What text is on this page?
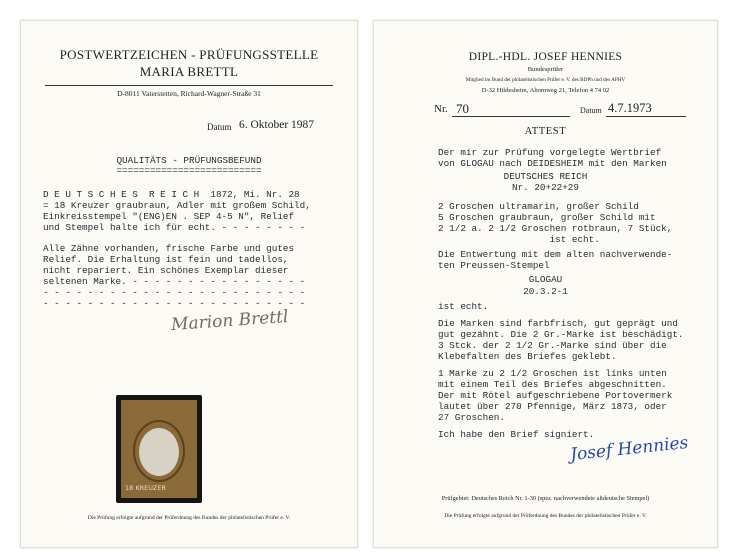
POSTWERTZEICHEN - PRÜFUNGSSTELLE
MARIA BRETTL
D-8011 Vaterstetten, Richard-Wagner-Straße 31
Datum 6. Oktober 1987
QUALITÄTS - PRÜFUNGSBEFUND
==========================
D E U T S C H E S  R E I C H  1872, Mi. Nr. 28
= 18 Kreuzer graubraun, Adler mit großem Schild,
Einkreisstempel "(ENG)EN . SEP 4-5 N", Relief
und Stempel halte ich für echt. - - - - - - - -
Alle Zähne vorhanden, frische Farbe und gutes
Relief. Die Erhaltung ist fein und tadellos,
nicht repariert. Ein schönes Exemplar dieser
seltenen Marke. - - - - - - - - - - - - - - - -
- - - - - - - - - - - - - - - - - - - - - - - -
- - - - - - - - - - - - - - - - - - - - - - - -
Marion Brettl
18 KREUZER
Die Prüfung erfolgte aufgrund der Prüferdnung des Bundes der philatelistischen Prüfer e. V.
DIPL.-HDL. JOSEF HENNIES
Bundesprüfer
Mitglied im Bund der philatelistischen Prüfer e. V. des BDPh und des APHV
D-32 Hildesheim, Ahornweg 21, Telefon 4 74 02
Nr. 70	Datum 4.7.1973
ATTEST
Der mir zur Prüfung vorgelegte Wertbrief
von GLOGAU nach DEIDESHEIM mit den Marken
DEUTSCHES REICH
Nr. 20+22+29
2 Groschen ultramarin, großer Schild
5 Groschen graubraun, großer Schild mit
2 1/2 a. 2 1/2 Groschen rotbraun, 7 Stück,
ist echt.
Die Entwertung mit dem alten nachverwende-
ten Preussen-Stempel
GLOGAU
20.3.2-1
ist echt.
Die Marken sind farbfrisch, gut geprägt und
gut gezähnt. Die 2 Gr.-Marke ist beschädigt.
3 Stck. der 2 1/2 Gr.-Marke sind über die
Klebefalten des Briefes geklebt.
1 Marke zu 2 1/2 Groschen ist links unten
mit einem Teil des Briefes abgeschnitten.
Der mit Rötel aufgeschriebene Portovermerk
lautet über 270 Pfennige, März 1873, oder
27 Groschen.
Ich habe den Brief signiert.
Josef Hennies
Prüfgebiet: Deutsches Reich Nr. 1-30 (spez. nachverwendete altdeutsche Stempel)
Die Prüfung erfolgte aufgrund der Prüferdnung des Bundes der philatelistischen Prüfer e. V.
